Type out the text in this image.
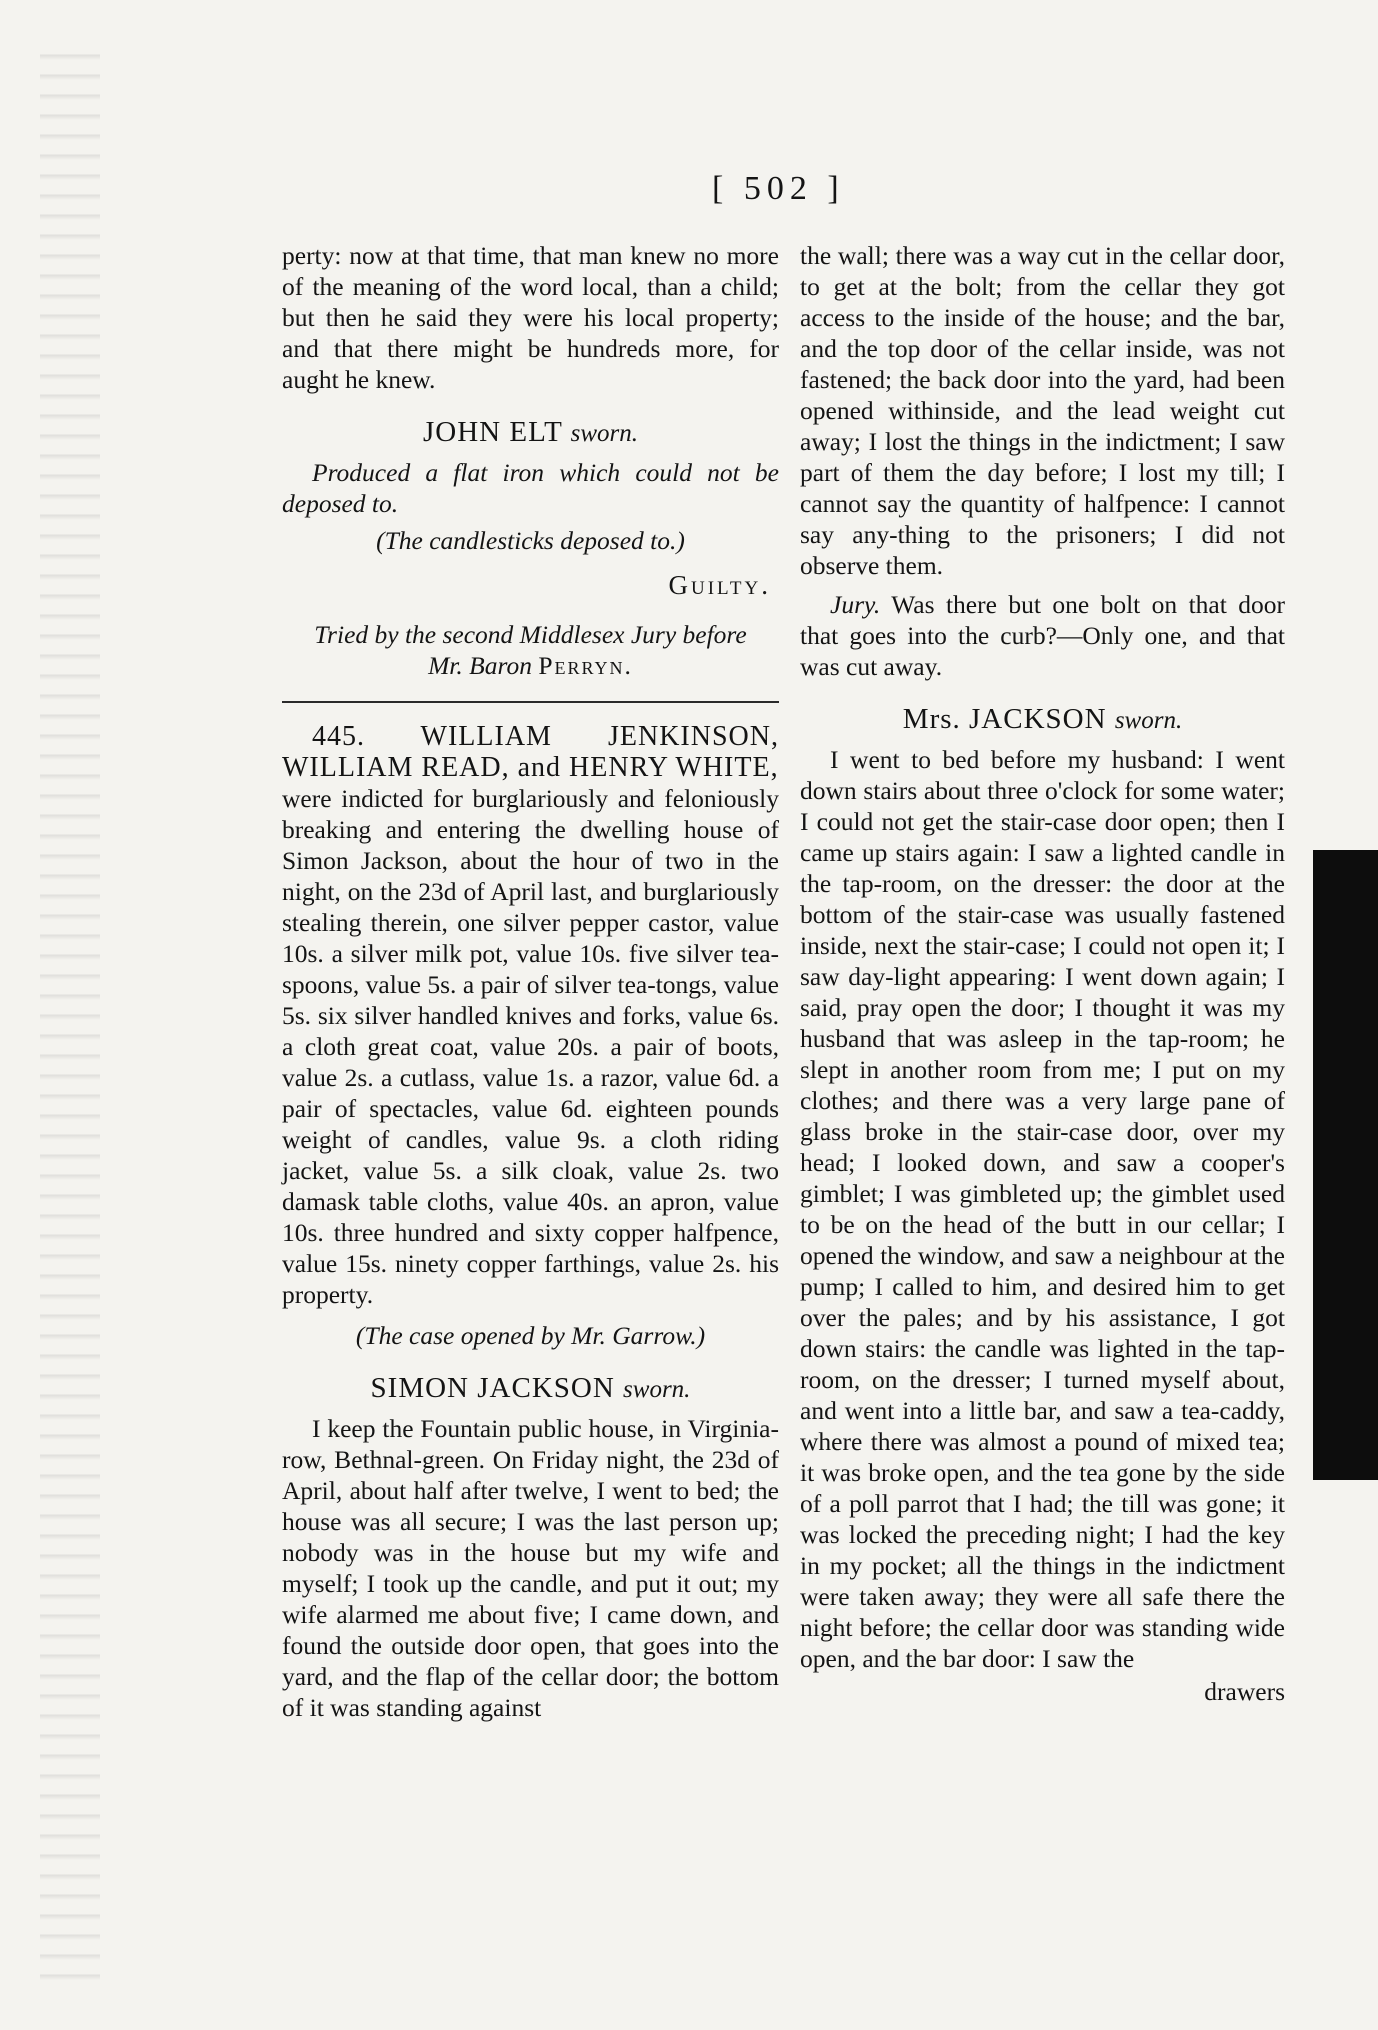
[ 502 ]

perty: now at that time, that man knew no more of the meaning of the word local, than a child; but then he said they were his local property; and that there might be hundreds more, for aught he knew.

JOHN ELT sworn.

Produced a flat iron which could not be deposed to.

(The candlesticks deposed to.)

Guilty.

Tried by the second Middlesex Jury before

Mr. Baron Perryn.

445. WILLIAM JENKINSON, WILLIAM READ, and HENRY WHITE,

were indicted for burglariously and feloniously breaking and entering the dwelling house of Simon Jackson, about the hour of two in the night, on the 23d of April last, and burglariously stealing therein, one silver pepper castor, value 10s. a silver milk pot, value 10s. five silver tea-spoons, value 5s. a pair of silver tea-tongs, value 5s. six silver handled knives and forks, value 6s. a cloth great coat, value 20s. a pair of boots, value 2s. a cutlass, value 1s. a razor, value 6d. a pair of spectacles, value 6d. eighteen pounds weight of candles, value 9s. a cloth riding jacket, value 5s. a silk cloak, value 2s. two damask table cloths, value 40s. an apron, value 10s. three hundred and sixty copper halfpence, value 15s. ninety copper farthings, value 2s. his property.

(The case opened by Mr. Garrow.)

SIMON JACKSON sworn.

I keep the Fountain public house, in Virginia-row, Bethnal-green. On Friday night, the 23d of April, about half after twelve, I went to bed; the house was all secure; I was the last person up; nobody was in the house but my wife and myself; I took up the candle, and put it out; my wife alarmed me about five; I came down, and found the outside door open, that goes into the yard, and the flap of the cellar door; the bottom of it was standing against

the wall; there was a way cut in the cellar door, to get at the bolt; from the cellar they got access to the inside of the house; and the bar, and the top door of the cellar inside, was not fastened; the back door into the yard, had been opened withinside, and the lead weight cut away; I lost the things in the indictment; I saw part of them the day before; I lost my till; I cannot say the quantity of halfpence: I cannot say any-thing to the prisoners; I did not observe them.

Jury. Was there but one bolt on that door that goes into the curb?—Only one, and that was cut away.

Mrs. JACKSON sworn.

I went to bed before my husband: I went down stairs about three o'clock for some water; I could not get the stair-case door open; then I came up stairs again: I saw a lighted candle in the tap-room, on the dresser: the door at the bottom of the stair-case was usually fastened inside, next the stair-case; I could not open it; I saw day-light appearing: I went down again; I said, pray open the door; I thought it was my husband that was asleep in the tap-room; he slept in another room from me; I put on my clothes; and there was a very large pane of glass broke in the stair-case door, over my head; I looked down, and saw a cooper's gimblet; I was gimbleted up; the gimblet used to be on the head of the butt in our cellar; I opened the window, and saw a neighbour at the pump; I called to him, and desired him to get over the pales; and by his assistance, I got down stairs: the candle was lighted in the tap-room, on the dresser; I turned myself about, and went into a little bar, and saw a tea-caddy, where there was almost a pound of mixed tea; it was broke open, and the tea gone by the side of a poll parrot that I had; the till was gone; it was locked the preceding night; I had the key in my pocket; all the things in the indictment were taken away; they were all safe there the night before; the cellar door was standing wide open, and the bar door: I saw the

drawers
